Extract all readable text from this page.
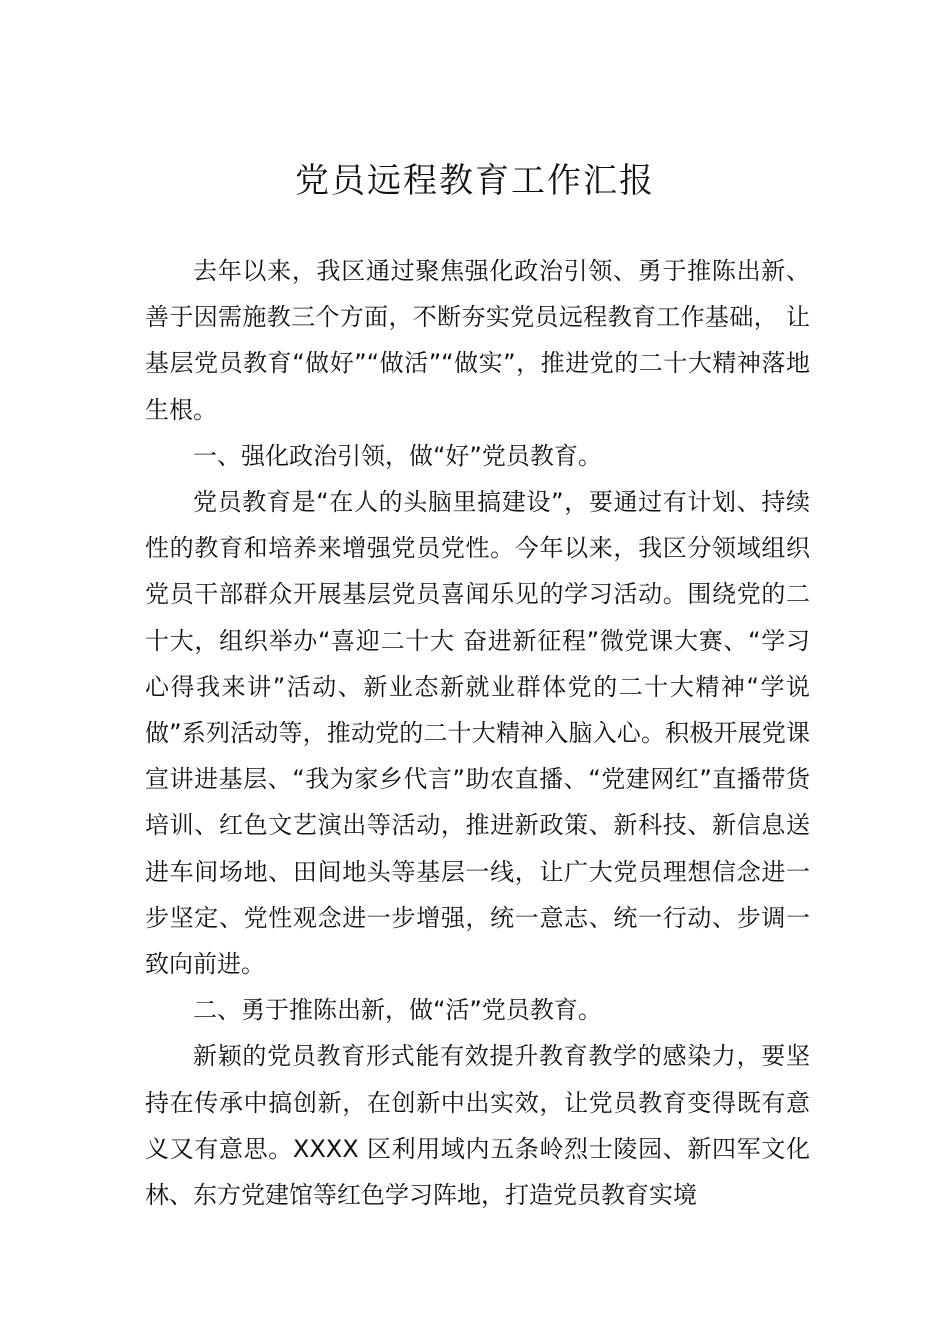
党员远程教育工作汇报

去年以来，我区通过聚焦强化政治引领、勇于推陈出新、善于因需施教三个方面，不断夯实党员远程教育工作基础， 让基层党员教育“做好”“做活”“做实”，推进党的二十大精神落地生根。

一、强化政治引领，做“好”党员教育。

党员教育是“在人的头脑里搞建设”，要通过有计划、持续性的教育和培养来增强党员党性。今年以来，我区分领域组织党员干部群众开展基层党员喜闻乐见的学习活动。围绕党的二十大，组织举办“喜迎二十大 奋进新征程”微党课大赛、“学习心得我来讲”活动、新业态新就业群体党的二十大精神“学说做”系列活动等，推动党的二十大精神入脑入心。积极开展党课宣讲进基层、“我为家乡代言”助农直播、“党建网红”直播带货培训、红色文艺演出等活动，推进新政策、新科技、新信息送进车间场地、田间地头等基层一线，让广大党员理想信念进一步坚定、党性观念进一步增强，统一意志、统一行动、步调一致向前进。

二、勇于推陈出新，做“活”党员教育。

新颖的党员教育形式能有效提升教育教学的感染力，要坚持在传承中搞创新，在创新中出实效，让党员教育变得既有意义又有意思。XXXX 区利用域内五条岭烈士陵园、新四军文化林、东方党建馆等红色学习阵地，打造党员教育实境
